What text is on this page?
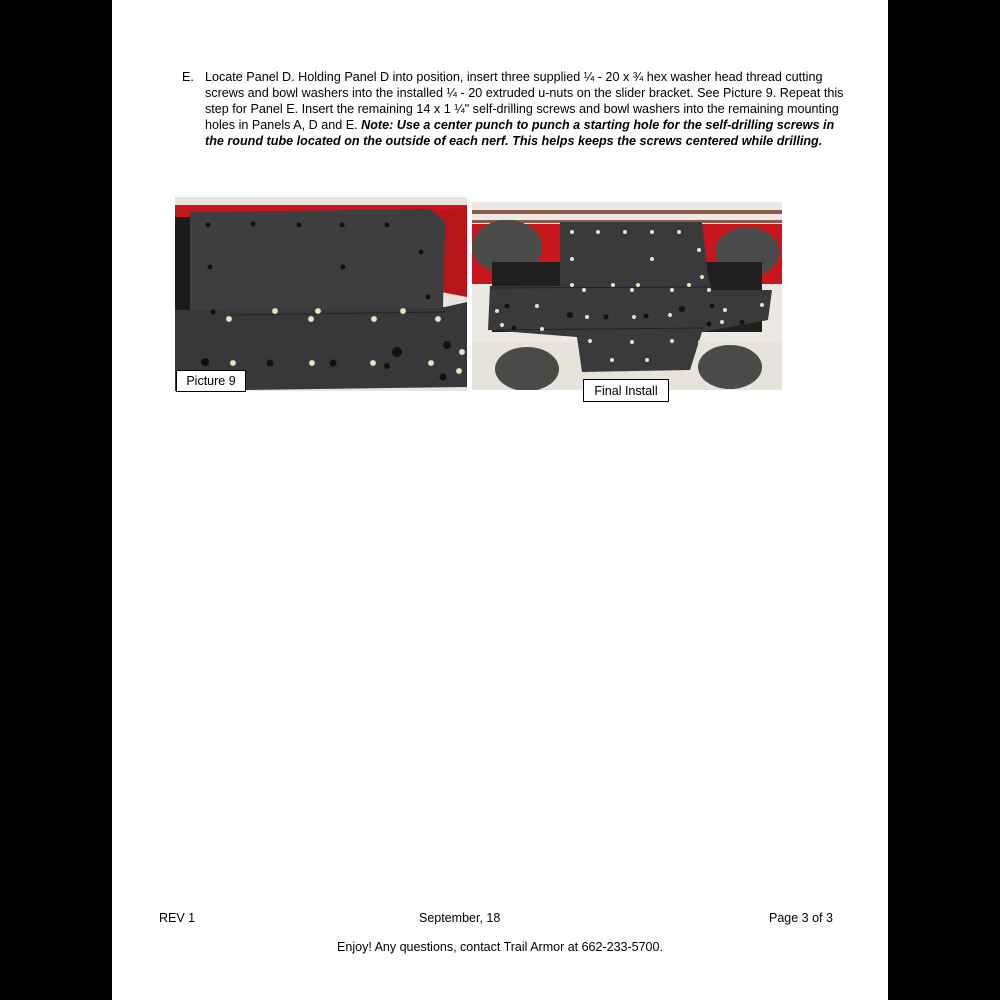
E. Locate Panel D. Holding Panel D into position, insert three supplied ¼ - 20 x ¾ hex washer head thread cutting screws and bowl washers into the installed ¼ - 20 extruded u-nuts on the slider bracket. See Picture 9. Repeat this step for Panel E. Insert the remaining 14 x 1 ¼" self-drilling screws and bowl washers into the remaining mounting holes in Panels A, D and E. Note: Use a center punch to punch a starting hole for the self-drilling screws in the round tube located on the outside of each nerf. This helps keeps the screws centered while drilling.
Picture 9
Final Install
REV 1	September, 18	Page 3 of 3
Enjoy! Any questions, contact Trail Armor at 662-233-5700.
